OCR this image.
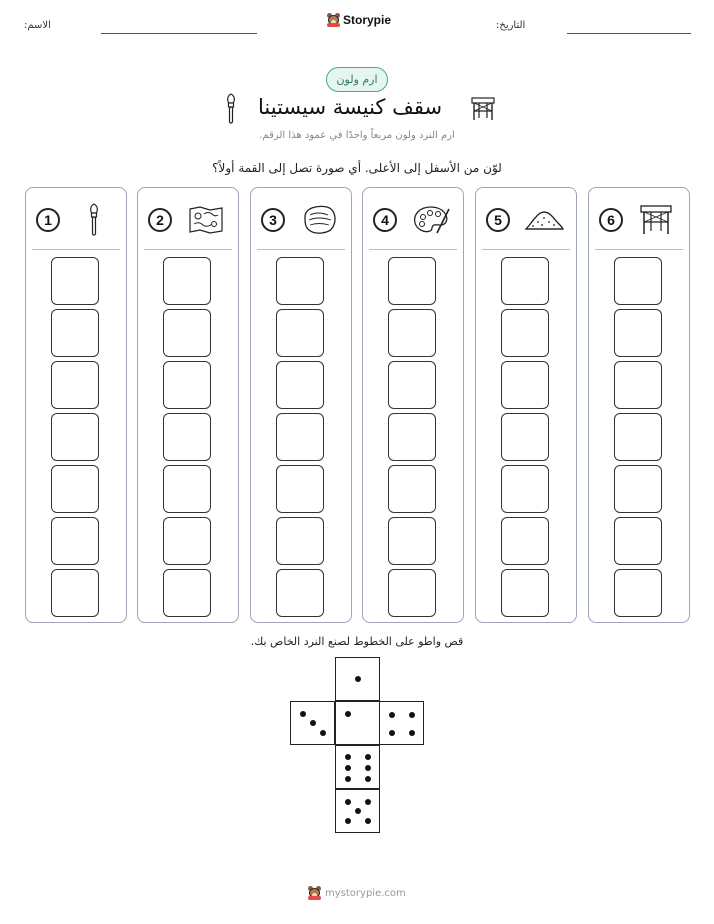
الاسم:	Storypie	التاريخ:
ارم ولون
سقف كنيسة سيستينا
ارم النرد ولون مربعاً واحدًا في عمود هذا الرقم.
لوّن من الأسفل إلى الأعلى. أي صورة تصل إلى القمة أولاً؟
1	2	3	4	5	6
قص واطو على الخطوط لصنع النرد الخاص بك.
mystorypie.com
